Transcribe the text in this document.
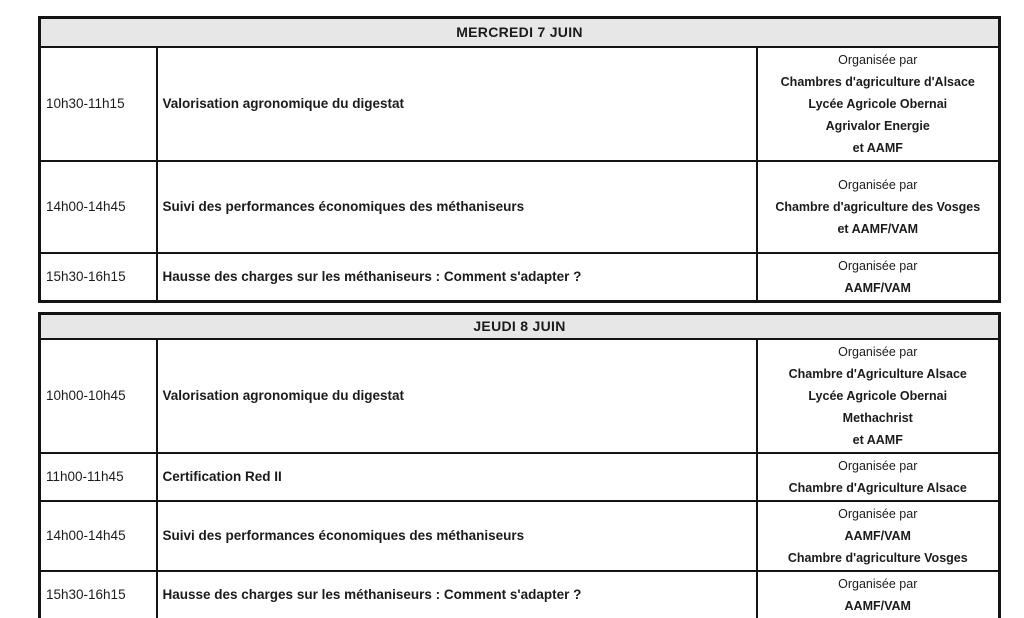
MERCREDI 7 JUIN		
10h30-11h15	Valorisation agronomique du digestat	Organisée par
Chambres d'agriculture d'Alsace
Lycée Agricole Obernai
Agrivalor Energie
et AAMF

14h00-14h45	Suivi des performances économiques des méthaniseurs	Organisée par
Chambre d'agriculture des Vosges
et AAMF/VAM

15h30-16h15	Hausse des charges sur les méthaniseurs : Comment s'adapter ?	Organisée par
AAMF/VAM
JEUDI 8 JUIN		
10h00-10h45	Valorisation agronomique du digestat	Organisée par
Chambre d'Agriculture Alsace
Lycée Agricole Obernai
Methachrist
et AAMF

11h00-11h45	Certification Red II	Organisée par
Chambre d'Agriculture Alsace

14h00-14h45	Suivi des performances économiques des méthaniseurs	Organisée par
AAMF/VAM
Chambre d'agriculture Vosges

15h30-16h15	Hausse des charges sur les méthaniseurs : Comment s'adapter ?	Organisée par
AAMF/VAM
